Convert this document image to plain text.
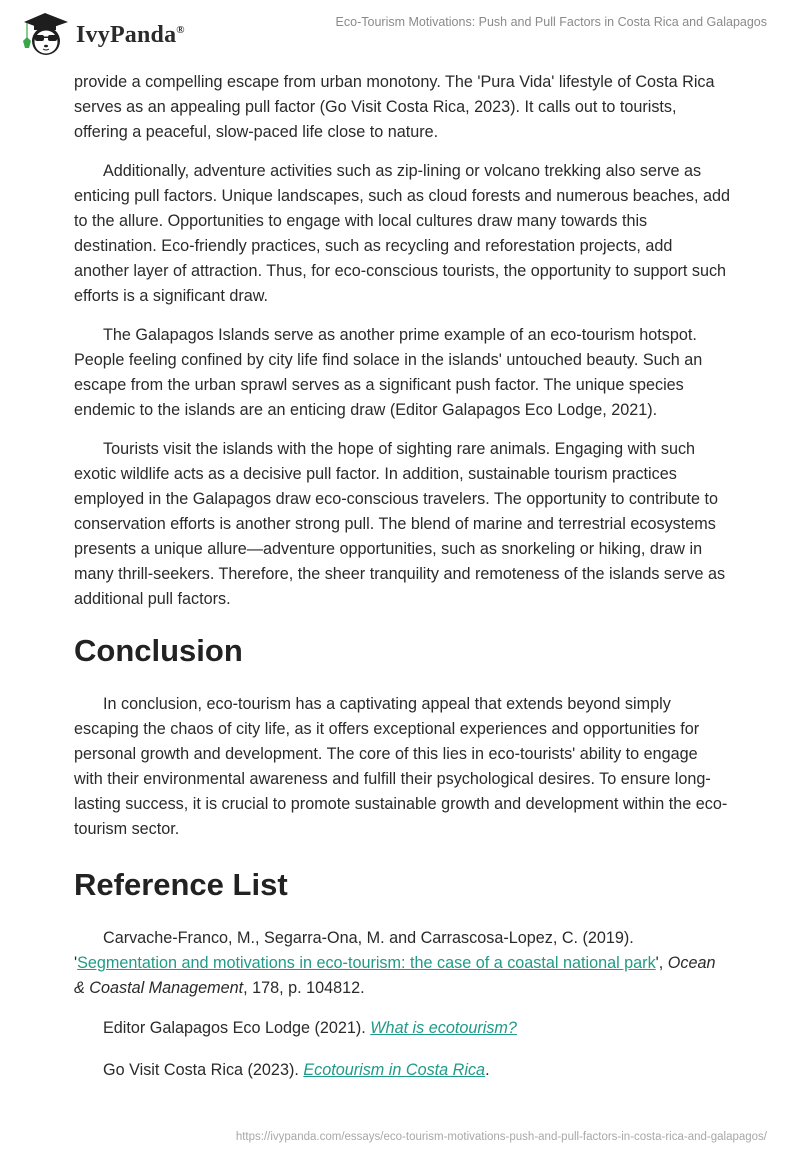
IvyPanda®
Eco-Tourism Motivations: Push and Pull Factors in Costa Rica and Galapagos

provide a compelling escape from urban monotony. The 'Pura Vida' lifestyle of Costa Rica serves as an appealing pull factor (Go Visit Costa Rica, 2023). It calls out to tourists, offering a peaceful, slow-paced life close to nature.

Additionally, adventure activities such as zip-lining or volcano trekking also serve as enticing pull factors. Unique landscapes, such as cloud forests and numerous beaches, add to the allure. Opportunities to engage with local cultures draw many towards this destination. Eco-friendly practices, such as recycling and reforestation projects, add another layer of attraction. Thus, for eco-conscious tourists, the opportunity to support such efforts is a significant draw.

The Galapagos Islands serve as another prime example of an eco-tourism hotspot. People feeling confined by city life find solace in the islands' untouched beauty. Such an escape from the urban sprawl serves as a significant push factor. The unique species endemic to the islands are an enticing draw (Editor Galapagos Eco Lodge, 2021).

Tourists visit the islands with the hope of sighting rare animals. Engaging with such exotic wildlife acts as a decisive pull factor. In addition, sustainable tourism practices employed in the Galapagos draw eco-conscious travelers. The opportunity to contribute to conservation efforts is another strong pull. The blend of marine and terrestrial ecosystems presents a unique allure—adventure opportunities, such as snorkeling or hiking, draw in many thrill-seekers. Therefore, the sheer tranquility and remoteness of the islands serve as additional pull factors.

Conclusion

In conclusion, eco-tourism has a captivating appeal that extends beyond simply escaping the chaos of city life, as it offers exceptional experiences and opportunities for personal growth and development. The core of this lies in eco-tourists' ability to engage with their environmental awareness and fulfill their psychological desires. To ensure long-lasting success, it is crucial to promote sustainable growth and development within the eco-tourism sector.

Reference List

Carvache-Franco, M., Segarra-Ona, M. and Carrascosa-Lopez, C. (2019). 'Segmentation and motivations in eco-tourism: the case of a coastal national park', Ocean & Coastal Management, 178, p. 104812.

Editor Galapagos Eco Lodge (2021). What is ecotourism?

Go Visit Costa Rica (2023). Ecotourism in Costa Rica.

https://ivypanda.com/essays/eco-tourism-motivations-push-and-pull-factors-in-costa-rica-and-galapagos/
